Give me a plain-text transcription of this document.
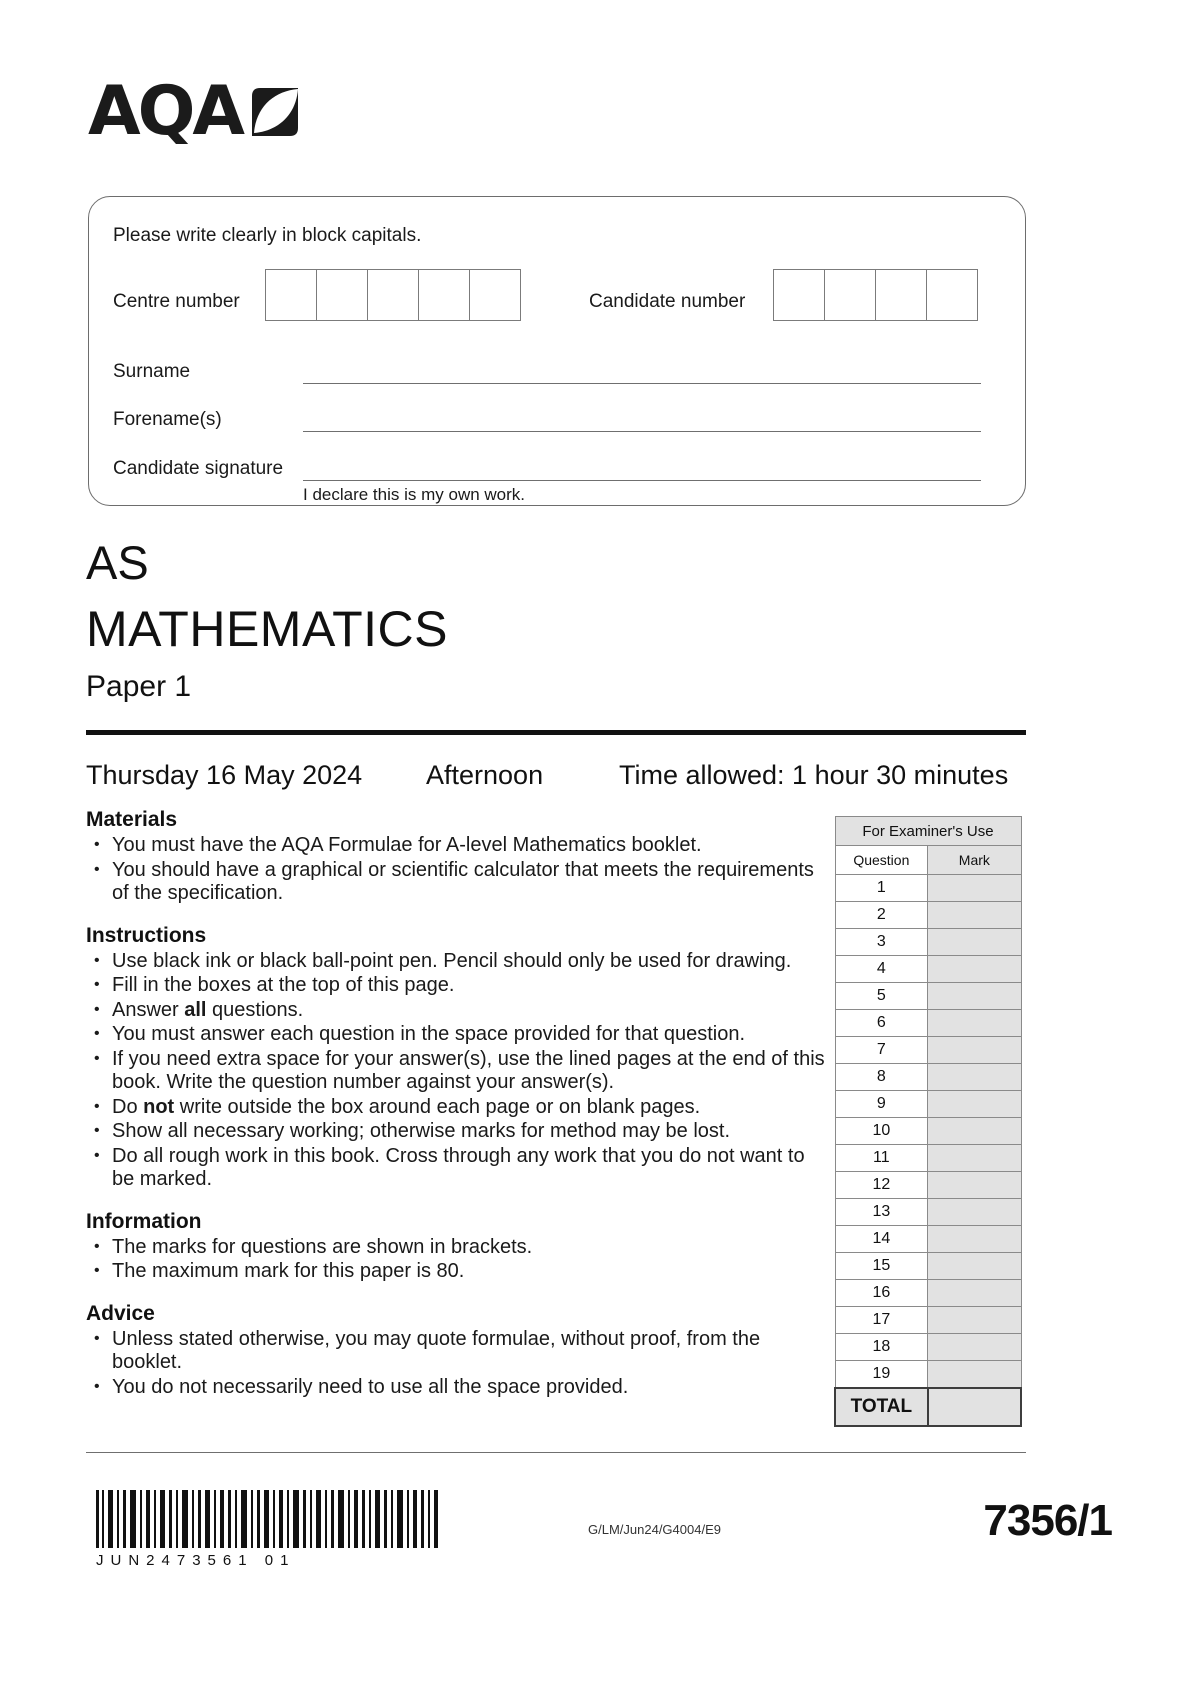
AQA
Please write clearly in block capitals.
Centre number	Candidate number
Surname
Forename(s)
Candidate signature
I declare this is my own work.
AS
MATHEMATICS
Paper 1
Thursday 16 May 2024 Afternoon	Time allowed: 1 hour 30 minutes
Materials
• You must have the AQA Formulae for A-level Mathematics booklet.
• You should have a graphical or scientific calculator that meets the requirements of the specification.
Instructions
• Use black ink or black ball-point pen. Pencil should only be used for drawing.
• Fill in the boxes at the top of this page.
• Answer all questions.
• You must answer each question in the space provided for that question.
• If you need extra space for your answer(s), use the lined pages at the end of this book. Write the question number against your answer(s).
• Do not write outside the box around each page or on blank pages.
• Show all necessary working; otherwise marks for method may be lost.
• Do all rough work in this book. Cross through any work that you do not want to be marked.
Information
• The marks for questions are shown in brackets.
• The maximum mark for this paper is 80.
Advice
• Unless stated otherwise, you may quote formulae, without proof, from the booklet.
• You do not necessarily need to use all the space provided.
For Examiner's Use	
Question	Mark
1	
2	
3	
4	
5	
6	
7	
8	
9	
10	
11	
12	
13	
14	
15	
16	
17	
18	
19	
TOTAL	
JUN2473561 01
G/LM/Jun24/G4004/E9	7356/1
